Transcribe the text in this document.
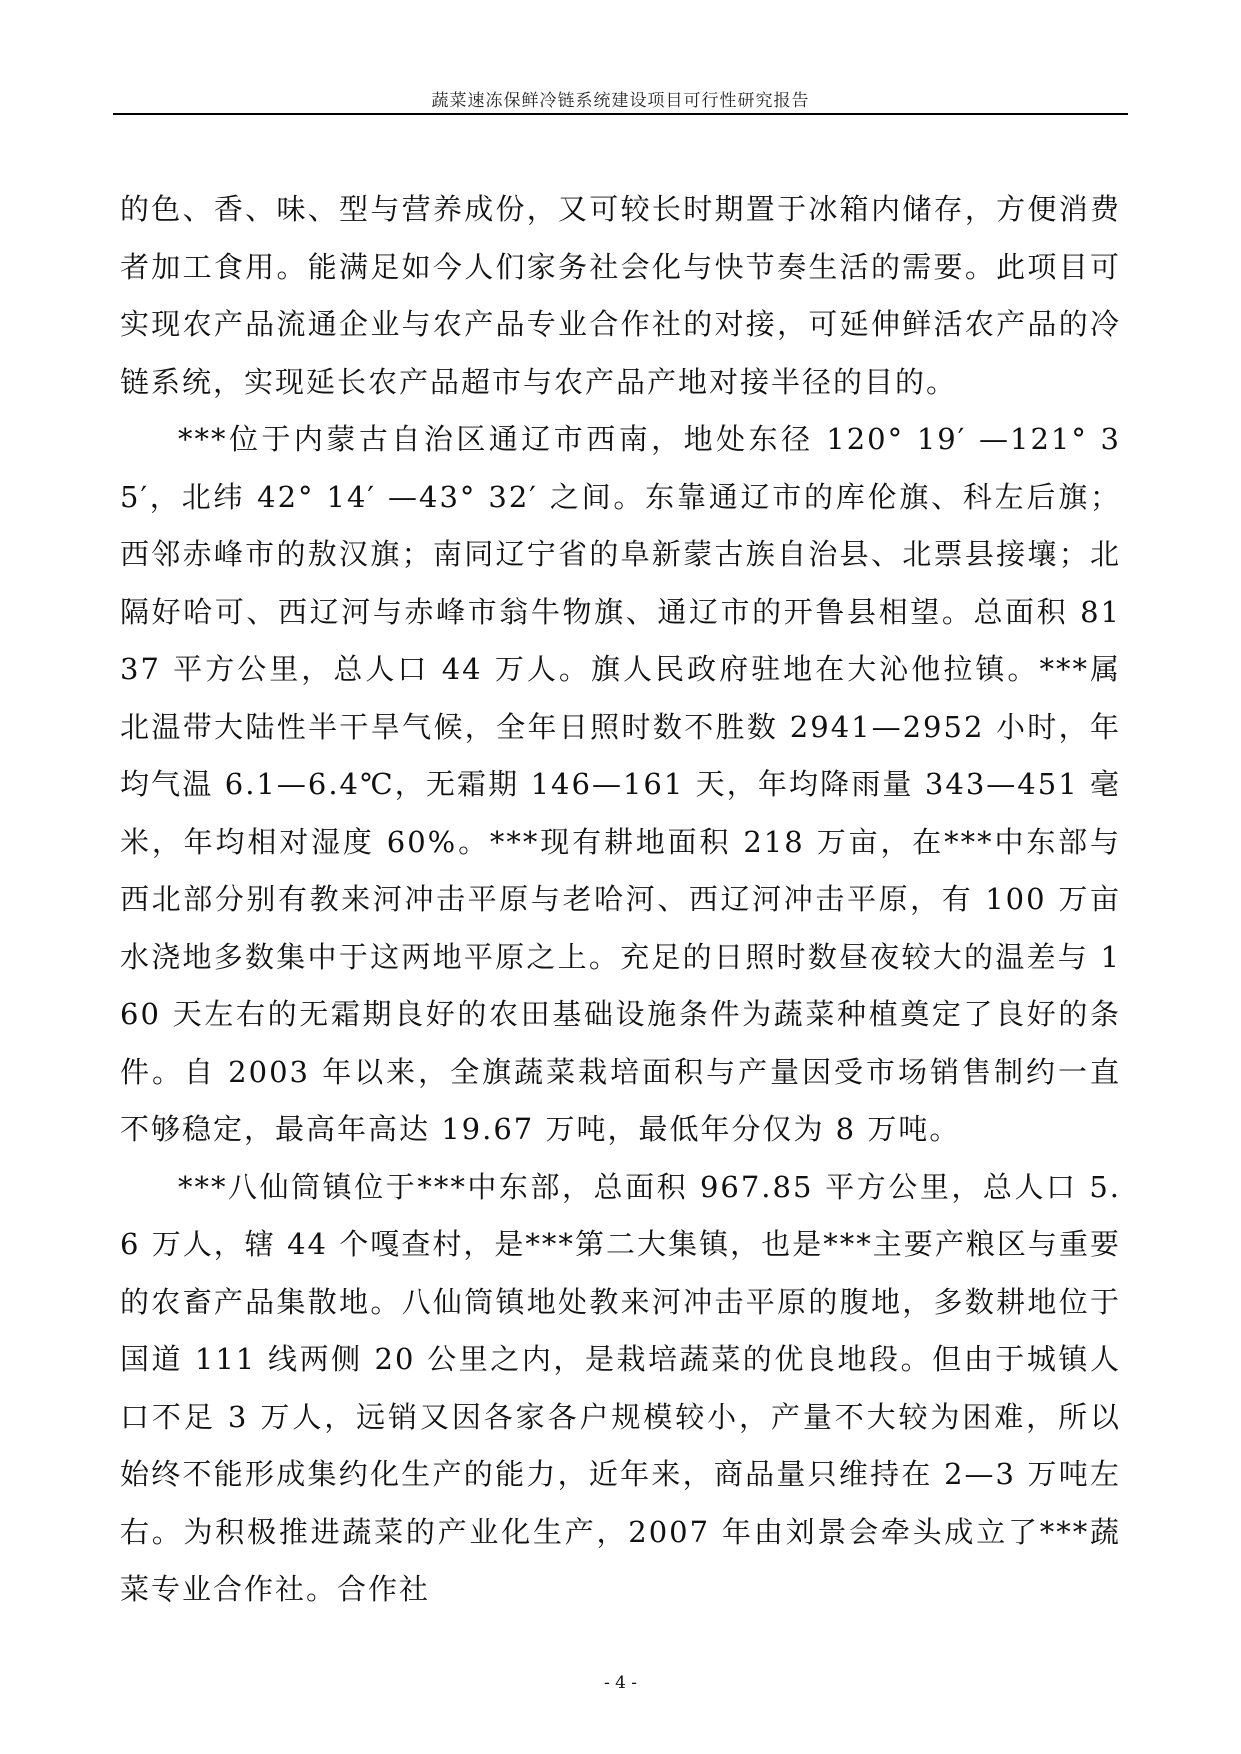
蔬菜速冻保鲜冷链系统建设项目可行性研究报告

的色、香、味、型与营养成份，又可较长时期置于冰箱内储存，方便消费者加工食用。能满足如今人们家务社会化与快节奏生活的需要。此项目可实现农产品流通企业与农产品专业合作社的对接，可延伸鲜活农产品的冷链系统，实现延长农产品超市与农产品产地对接半径的目的。

***位于内蒙古自治区通辽市西南，地处东径 120° 19′ —121° 35′，北纬 42° 14′ —43° 32′ 之间。东靠通辽市的库伦旗、科左后旗；西邻赤峰市的敖汉旗；南同辽宁省的阜新蒙古族自治县、北票县接壤；北隔好哈可、西辽河与赤峰市翁牛物旗、通辽市的开鲁县相望。总面积 8137 平方公里，总人口 44 万人。旗人民政府驻地在大沁他拉镇。***属北温带大陆性半干旱气候，全年日照时数不胜数 2941—2952 小时，年均气温 6.1—6.4℃，无霜期 146—161 天，年均降雨量 343—451 毫米，年均相对湿度 60%。***现有耕地面积 218 万亩，在***中东部与西北部分别有教来河冲击平原与老哈河、西辽河冲击平原，有 100 万亩水浇地多数集中于这两地平原之上。充足的日照时数昼夜较大的温差与 160 天左右的无霜期良好的农田基础设施条件为蔬菜种植奠定了良好的条件。自 2003 年以来，全旗蔬菜栽培面积与产量因受市场销售制约一直不够稳定，最高年高达 19.67 万吨，最低年分仅为 8 万吨。

***八仙筒镇位于***中东部，总面积 967.85 平方公里，总人口 5.6 万人，辖 44 个嘎查村，是***第二大集镇，也是***主要产粮区与重要的农畜产品集散地。八仙筒镇地处教来河冲击平原的腹地，多数耕地位于国道 111 线两侧 20 公里之内，是栽培蔬菜的优良地段。但由于城镇人口不足 3 万人，远销又因各家各户规模较小，产量不大较为困难，所以始终不能形成集约化生产的能力，近年来，商品量只维持在 2—3 万吨左右。为积极推进蔬菜的产业化生产，2007 年由刘景会牵头成立了***蔬菜专业合作社。合作社

- 4 -
